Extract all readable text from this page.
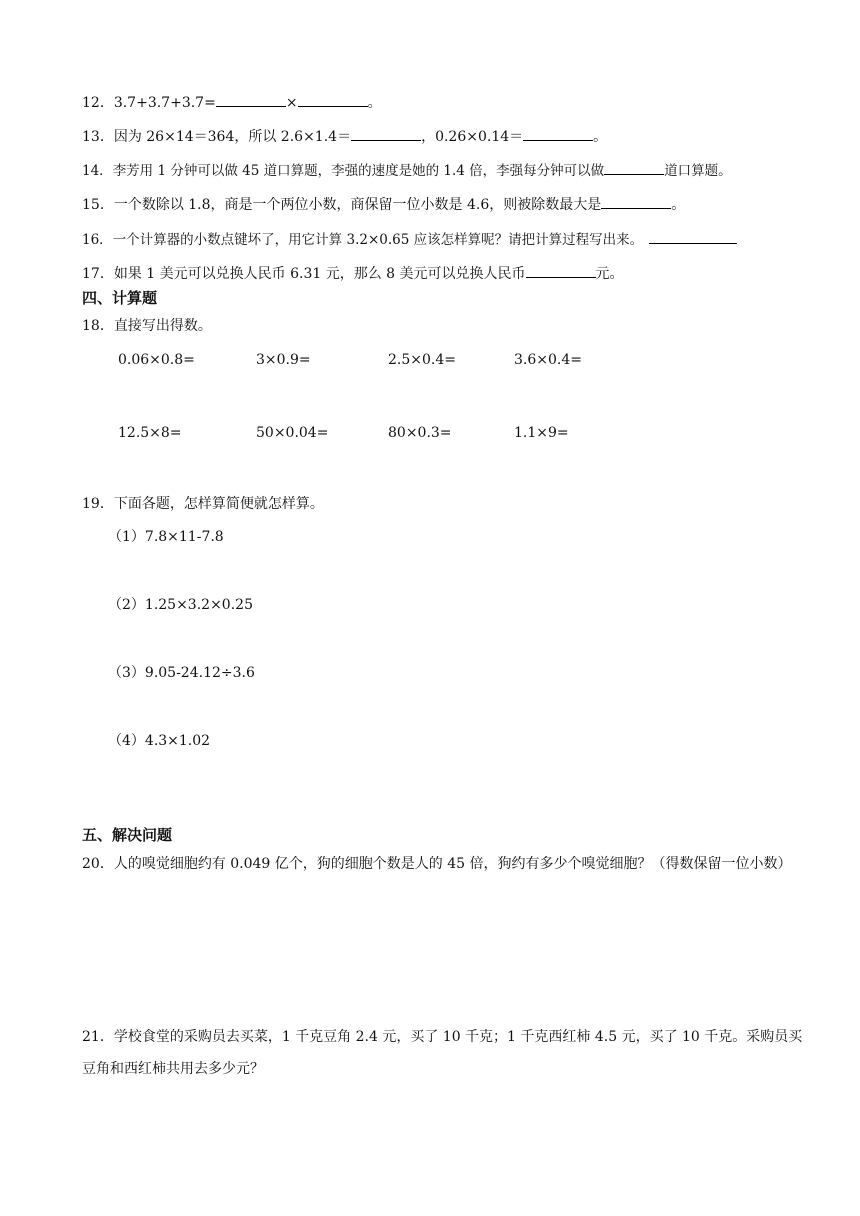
12．3.7+3.7+3.7=	×	。
13．因为 26×14＝364，所以 2.6×1.4＝	，0.26×0.14＝	。
14．李芳用 1 分钟可以做 45 道口算题，李强的速度是她的 1.4 倍，李强每分钟可以做	道口算题。
15．一个数除以 1.8，商是一个两位小数，商保留一位小数是 4.6，则被除数最大是	。
16．一个计算器的小数点键坏了，用它计算 3.2×0.65 应该怎样算呢？请把计算过程写出来。
17．如果 1 美元可以兑换人民币 6.31 元，那么 8 美元可以兑换人民币	元。
四、计算题
18．直接写出得数。
0.06×0.8=	3×0.9=	2.5×0.4=	3.6×0.4=
12.5×8=	50×0.04=	80×0.3=	1.1×9=
19．下面各题，怎样算简便就怎样算。
（1）7.8×11-7.8
（2）1.25×3.2×0.25
（3）9.05-24.12÷3.6
（4）4.3×1.02
五、解决问题
20．人的嗅觉细胞约有 0.049 亿个，狗的细胞个数是人的 45 倍，狗约有多少个嗅觉细胞？（得数保留一位小数）
21．学校食堂的采购员去买菜，1 千克豆角 2.4 元，买了 10 千克；1 千克西红柿 4.5 元，买了 10 千克。采购员买豆角和西红柿共用去多少元？
